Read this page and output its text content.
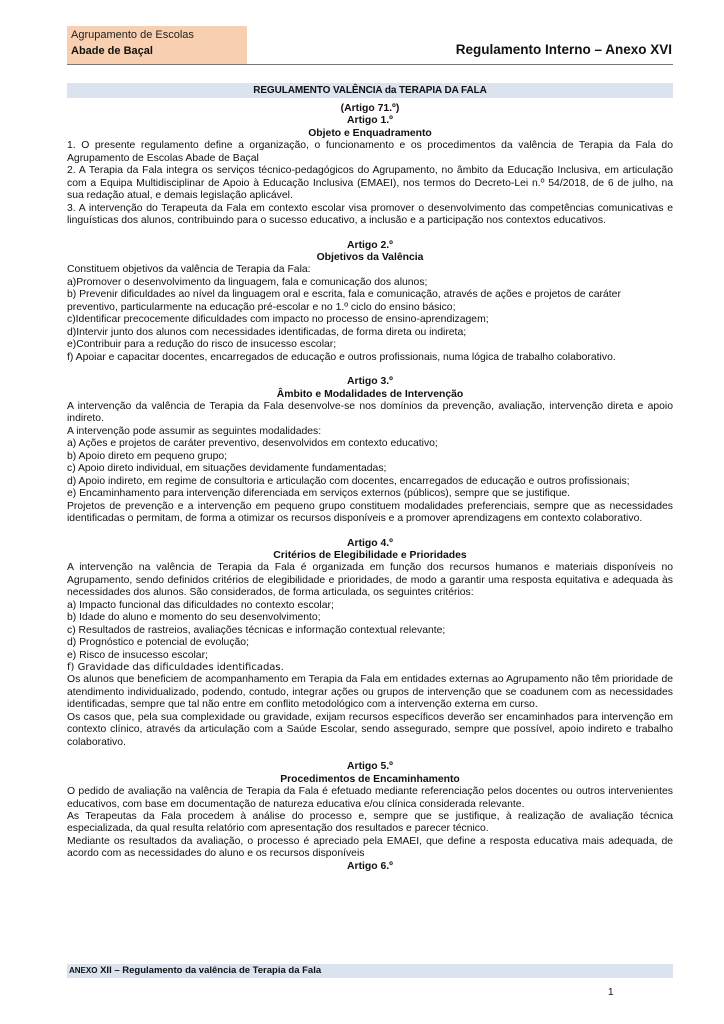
Agrupamento de Escolas
Abade de Baçal	Regulamento Interno – Anexo XVI
REGULAMENTO VALÊNCIA da TERAPIA DA FALA

(Artigo 71.º)

Artigo 1.º

Objeto e Enquadramento

1. O presente regulamento define a organização, o funcionamento e os procedimentos da valência de Terapia da Fala do Agrupamento de Escolas Abade de Baçal

2. A Terapia da Fala integra os serviços técnico-pedagógicos do Agrupamento, no âmbito da Educação Inclusiva, em articulação com a Equipa Multidisciplinar de Apoio à Educação Inclusiva (EMAEI), nos termos do Decreto-Lei n.º 54/2018, de 6 de julho, na sua redação atual, e demais legislação aplicável.

3. A intervenção do Terapeuta da Fala em contexto escolar visa promover o desenvolvimento das competências comunicativas e linguísticas dos alunos, contribuindo para o sucesso educativo, a inclusão e a participação nos contextos educativos.

Artigo 2.º

Objetivos da Valência

Constituem objetivos da valência de Terapia da Fala:

a)Promover o desenvolvimento da linguagem, fala e comunicação dos alunos;

b) Prevenir dificuldades ao nível da linguagem oral e escrita, fala e comunicação, através de ações e projetos de caráter preventivo, particularmente na educação pré-escolar e no 1.º ciclo do ensino básico;

c)Identificar precocemente dificuldades com impacto no processo de ensino-aprendizagem;

d)Intervir junto dos alunos com necessidades identificadas, de forma direta ou indireta;

e)Contribuir para a redução do risco de insucesso escolar;

f) Apoiar e capacitar docentes, encarregados de educação e outros profissionais, numa lógica de trabalho colaborativo.

Artigo 3.º

Âmbito e Modalidades de Intervenção

A intervenção da valência de Terapia da Fala desenvolve-se nos domínios da prevenção, avaliação, intervenção direta e apoio indireto.

A intervenção pode assumir as seguintes modalidades:

a) Ações e projetos de caráter preventivo, desenvolvidos em contexto educativo;

b) Apoio direto em pequeno grupo;

c) Apoio direto individual, em situações devidamente fundamentadas;

d) Apoio indireto, em regime de consultoria e articulação com docentes, encarregados de educação e outros profissionais;

e) Encaminhamento para intervenção diferenciada em serviços externos (públicos), sempre que se justifique.

Projetos de prevenção e a intervenção em pequeno grupo constituem modalidades preferenciais, sempre que as necessidades identificadas o permitam, de forma a otimizar os recursos disponíveis e a promover aprendizagens em contexto colaborativo.

Artigo 4.º

Critérios de Elegibilidade e Prioridades

A intervenção na valência de Terapia da Fala é organizada em função dos recursos humanos e materiais disponíveis no Agrupamento, sendo definidos critérios de elegibilidade e prioridades, de modo a garantir uma resposta equitativa e adequada às necessidades dos alunos. São considerados, de forma articulada, os seguintes critérios:

a) Impacto funcional das dificuldades no contexto escolar;

b) Idade do aluno e momento do seu desenvolvimento;

c) Resultados de rastreios, avaliações técnicas e informação contextual relevante;

d) Prognóstico e potencial de evolução;

e) Risco de insucesso escolar;

f) Gravidade das dificuldades identificadas.

Os alunos que beneficiem de acompanhamento em Terapia da Fala em entidades externas ao Agrupamento não têm prioridade de atendimento individualizado, podendo, contudo, integrar ações ou grupos de intervenção que se coadunem com as necessidades identificadas, sempre que tal não entre em conflito metodológico com a intervenção externa em curso.

Os casos que, pela sua complexidade ou gravidade, exijam recursos específicos deverão ser encaminhados para intervenção em contexto clínico, através da articulação com a Saúde Escolar, sendo assegurado, sempre que possível, apoio indireto e trabalho colaborativo.

Artigo 5.º

Procedimentos de Encaminhamento

O pedido de avaliação na valência de Terapia da Fala é efetuado mediante referenciação pelos docentes ou outros intervenientes educativos, com base em documentação de natureza educativa e/ou clínica considerada relevante.

As Terapeutas da Fala procedem à análise do processo e, sempre que se justifique, à realização de avaliação técnica especializada, da qual resulta relatório com apresentação dos resultados e parecer técnico.

Mediante os resultados da avaliação, o processo é apreciado pela EMAEI, que define a resposta educativa mais adequada, de acordo com as necessidades do aluno e os recursos disponíveis

Artigo 6.º

ANEXO XII – Regulamento da valência de Terapia da Fala
1
